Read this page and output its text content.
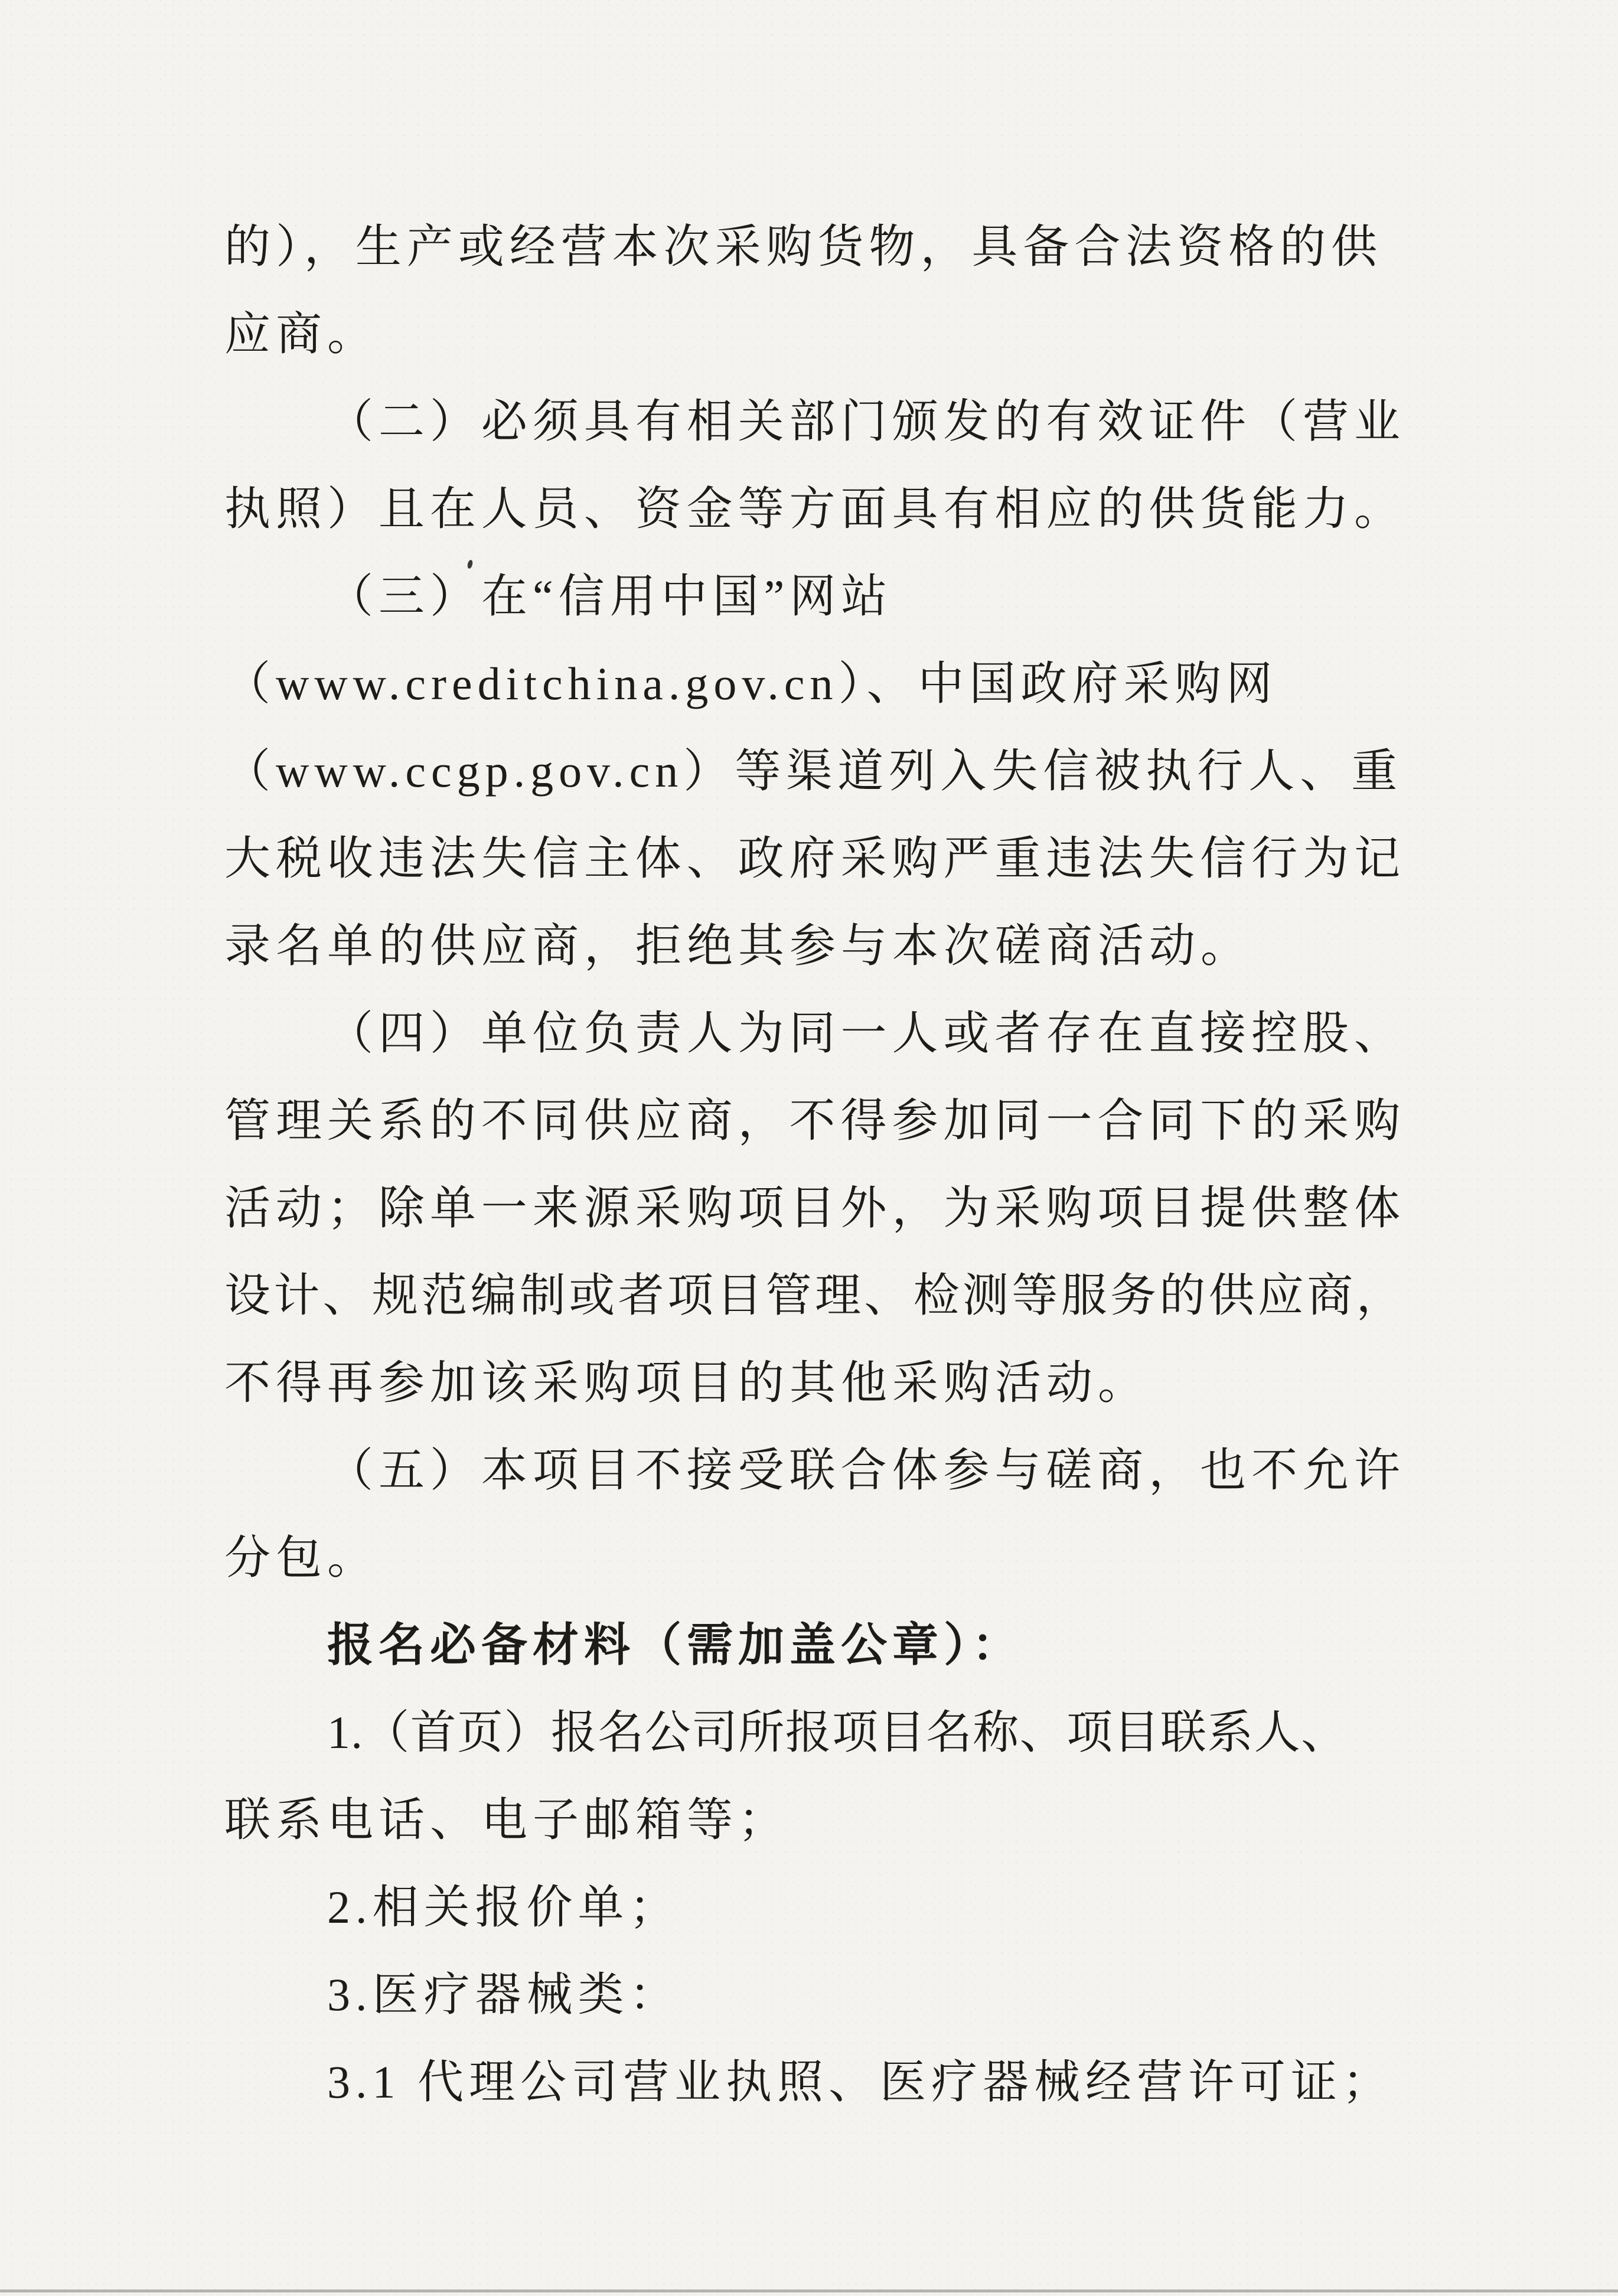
的），生产或经营本次采购货物，具备合法资格的供
应商。
（二）必须具有相关部门颁发的有效证件（营业
执照）且在人员、资金等方面具有相应的供货能力。
（三）在“信用中国”网站
（www.creditchina.gov.cn）、中国政府采购网
（www.ccgp.gov.cn）等渠道列入失信被执行人、重
大税收违法失信主体、政府采购严重违法失信行为记
录名单的供应商，拒绝其参与本次磋商活动。
（四）单位负责人为同一人或者存在直接控股、
管理关系的不同供应商，不得参加同一合同下的采购
活动；除单一来源采购项目外，为采购项目提供整体
设计、规范编制或者项目管理、检测等服务的供应商，
不得再参加该采购项目的其他采购活动。
（五）本项目不接受联合体参与磋商，也不允许
分包。
报名必备材料（需加盖公章）：
1.（首页）报名公司所报项目名称、项目联系人、
联系电话、电子邮箱等；
2.相关报价单；
3.医疗器械类：
3.1 代理公司营业执照、医疗器械经营许可证；
